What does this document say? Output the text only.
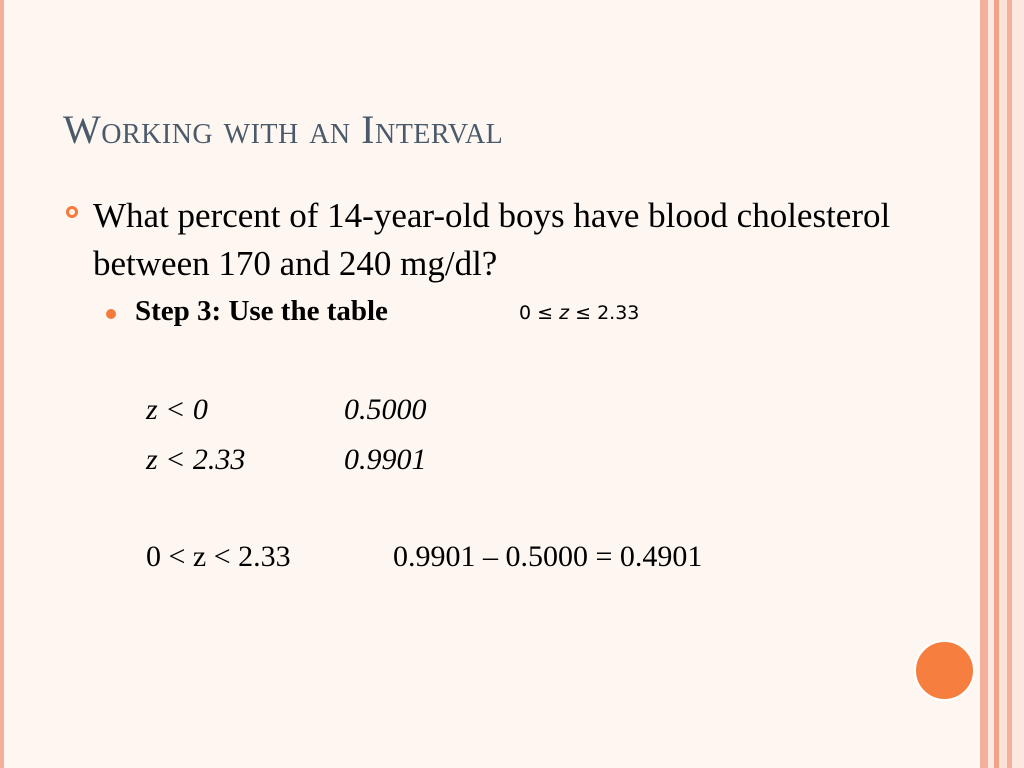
Working with an Interval
What percent of 14-year-old boys have blood cholesterol between 170 and 240 mg/dl?
Step 3: Use the table	0 ≤ z ≤ 2.33
z < 0	0.5000
z < 2.33	0.9901
0 < z < 2.33	0.9901 – 0.5000 = 0.4901
